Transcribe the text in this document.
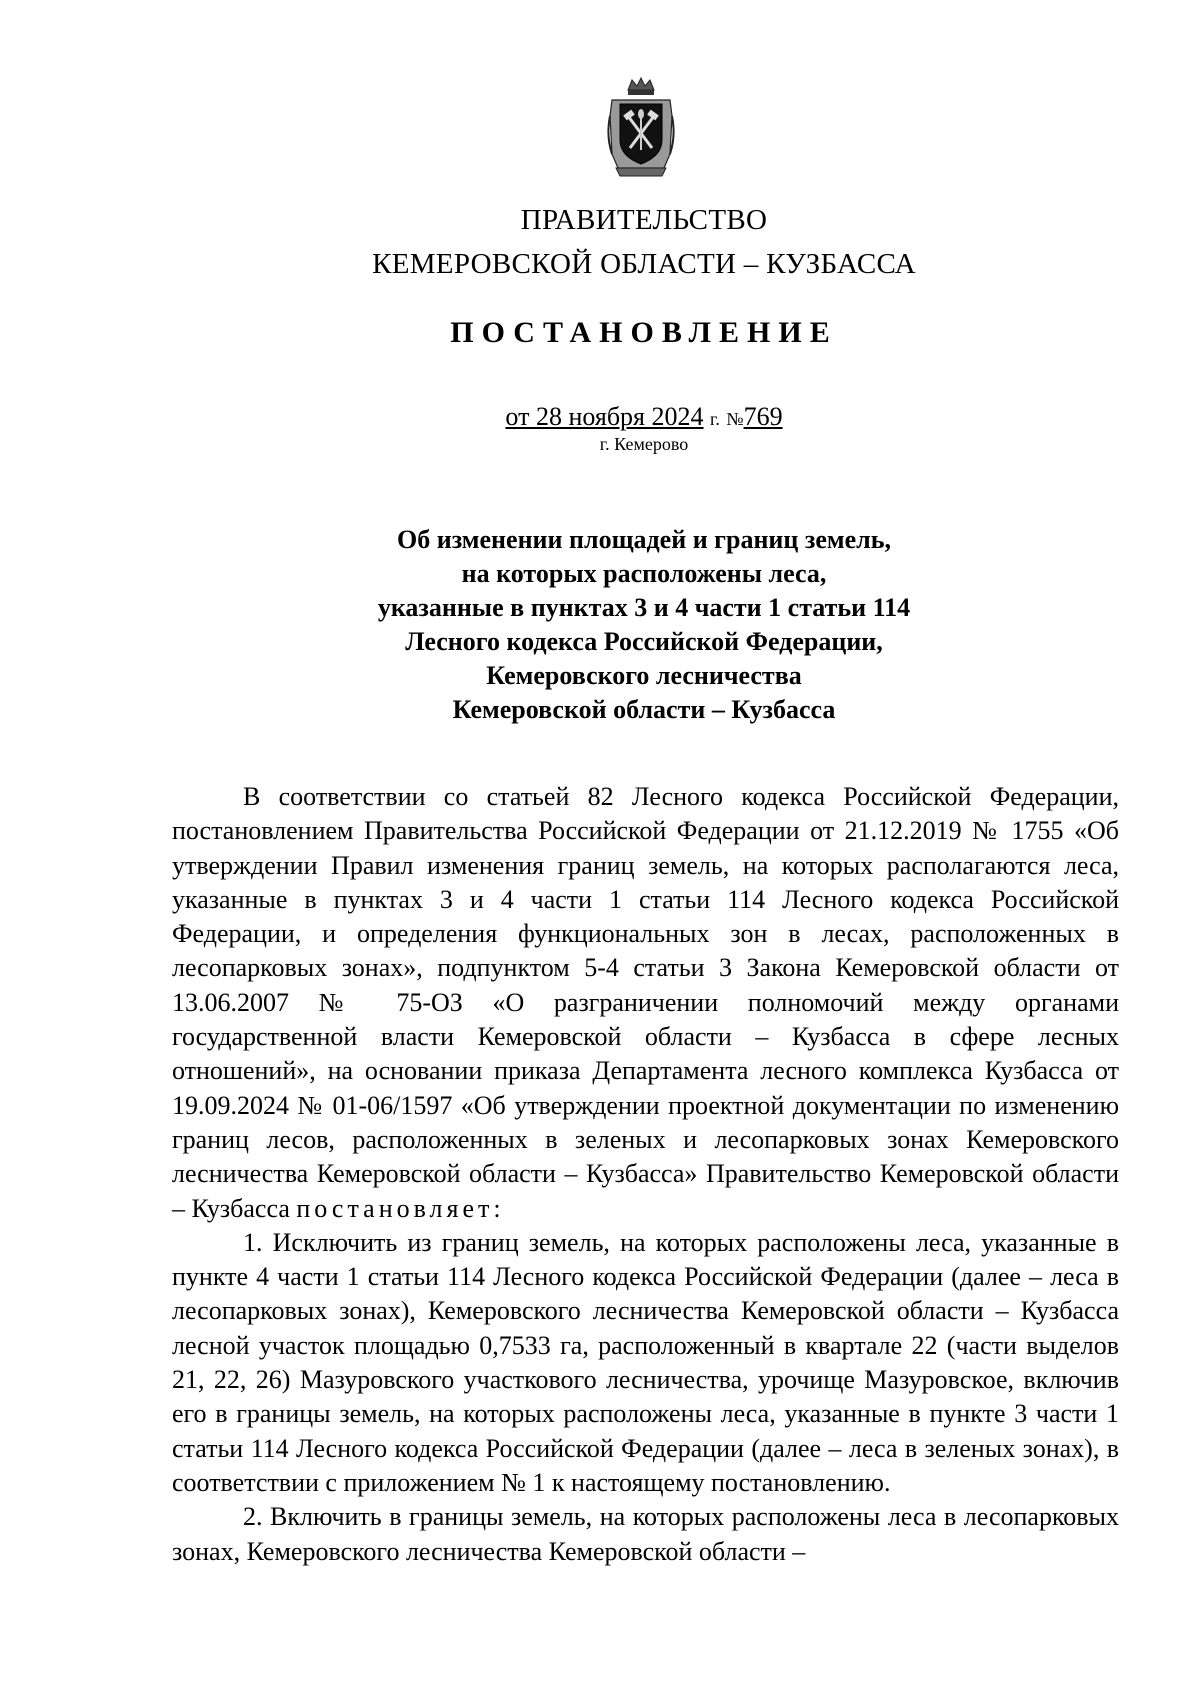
ПРАВИТЕЛЬСТВО
КЕМЕРОВСКОЙ ОБЛАСТИ – КУЗБАССА
ПОСТАНОВЛЕНИЕ
от 28 ноября 2024 г. №769
г. Кемерово
Об изменении площадей и границ земель,
на которых расположены леса,
указанные в пунктах 3 и 4 части 1 статьи 114
Лесного кодекса Российской Федерации,
Кемеровского лесничества
Кемеровской области – Кузбасса

В соответствии со статьей 82 Лесного кодекса Российской Федерации, постановлением Правительства Российской Федерации от 21.12.2019 № 1755 «Об утверждении Правил изменения границ земель, на которых располагаются леса, указанные в пунктах 3 и 4 части 1 статьи 114 Лесного кодекса Российской Федерации, и определения функциональных зон в лесах, расположенных в лесопарковых зонах», подпунктом 5-4 статьи 3 Закона Кемеровской области от 13.06.2007 № 75-ОЗ «О разграничении полномочий между органами государственной власти Кемеровской области – Кузбасса в сфере лесных отношений», на основании приказа Департамента лесного комплекса Кузбасса от 19.09.2024 № 01-06/1597 «Об утверждении проектной документации по изменению границ лесов, расположенных в зеленых и лесопарковых зонах Кемеровского лесничества Кемеровской области – Кузбасса» Правительство Кемеровской области – Кузбасса постановляет:

1. Исключить из границ земель, на которых расположены леса, указанные в пункте 4 части 1 статьи 114 Лесного кодекса Российской Федерации (далее – леса в лесопарковых зонах), Кемеровского лесничества Кемеровской области – Кузбасса лесной участок площадью 0,7533 га, расположенный в квартале 22 (части выделов 21, 22, 26) Мазуровского участкового лесничества, урочище Мазуровское, включив его в границы земель, на которых расположены леса, указанные в пункте 3 части 1 статьи 114 Лесного кодекса Российской Федерации (далее – леса в зеленых зонах), в соответствии с приложением № 1 к настоящему постановлению.

2. Включить в границы земель, на которых расположены леса в лесопарковых зонах, Кемеровского лесничества Кемеровской области –
